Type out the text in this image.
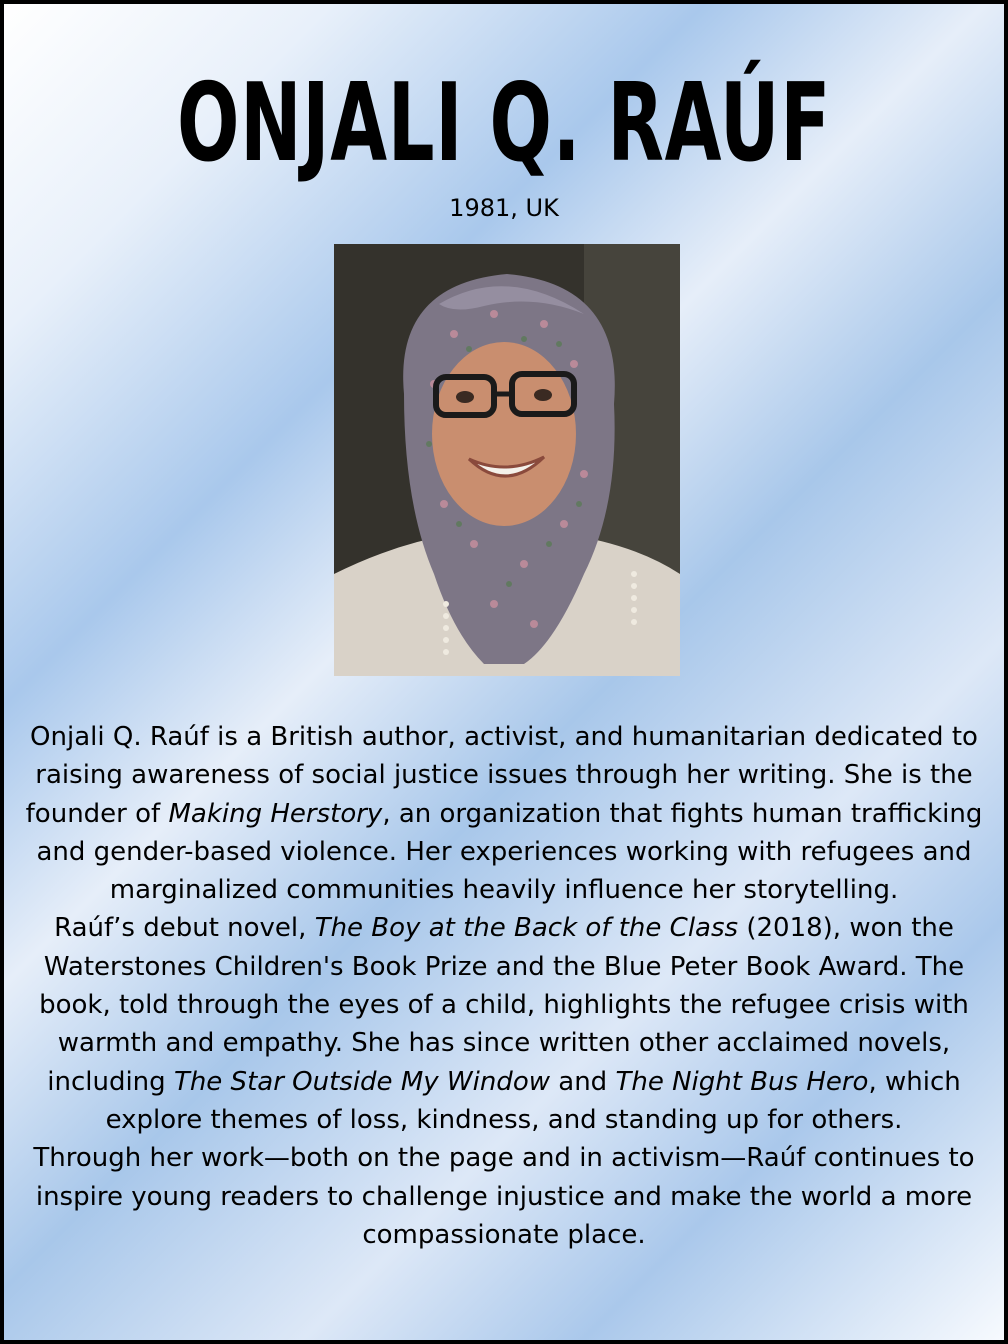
ONJALI Q. RAÚF
1981, UK

Onjali Q. Raúf is a British author, activist, and humanitarian dedicated to raising awareness of social justice issues through her writing. She is the founder of Making Herstory, an organization that fights human trafficking and gender-based violence. Her experiences working with refugees and marginalized communities heavily influence her storytelling.

Raúf’s debut novel, The Boy at the Back of the Class (2018), won the Waterstones Children's Book Prize and the Blue Peter Book Award. The book, told through the eyes of a child, highlights the refugee crisis with warmth and empathy. She has since written other acclaimed novels, including The Star Outside My Window and The Night Bus Hero, which explore themes of loss, kindness, and standing up for others.

Through her work—both on the page and in activism—Raúf continues to inspire young readers to challenge injustice and make the world a more compassionate place.
